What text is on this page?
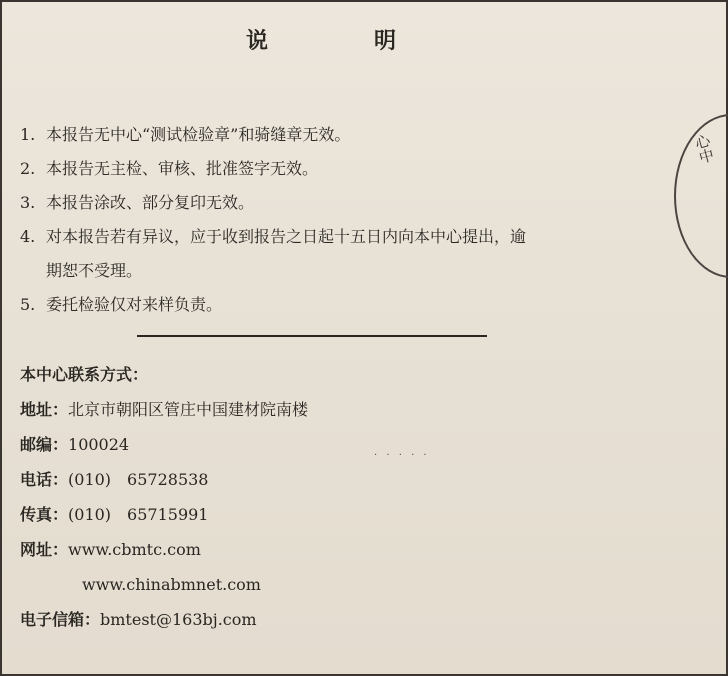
说　明
1. 本报告无中心“测试检验章”和骑缝章无效。
2. 本报告无主检、审核、批准签字无效。
3. 本报告涂改、部分复印无效。
4. 对本报告若有异议，应于收到报告之日起十五日内向本中心提出，逾
期恕不受理。
5. 委托检验仅对来样负责。
本中心联系方式：
地址：北京市朝阳区管庄中国建材院南楼
邮编：100024
电话：(010)　65728538
传真：(010)　65715991
网址：www.cbmtc.com
www.chinabmnet.com
电子信箱：bmtest@163bj.com
心中
· · · · ·
